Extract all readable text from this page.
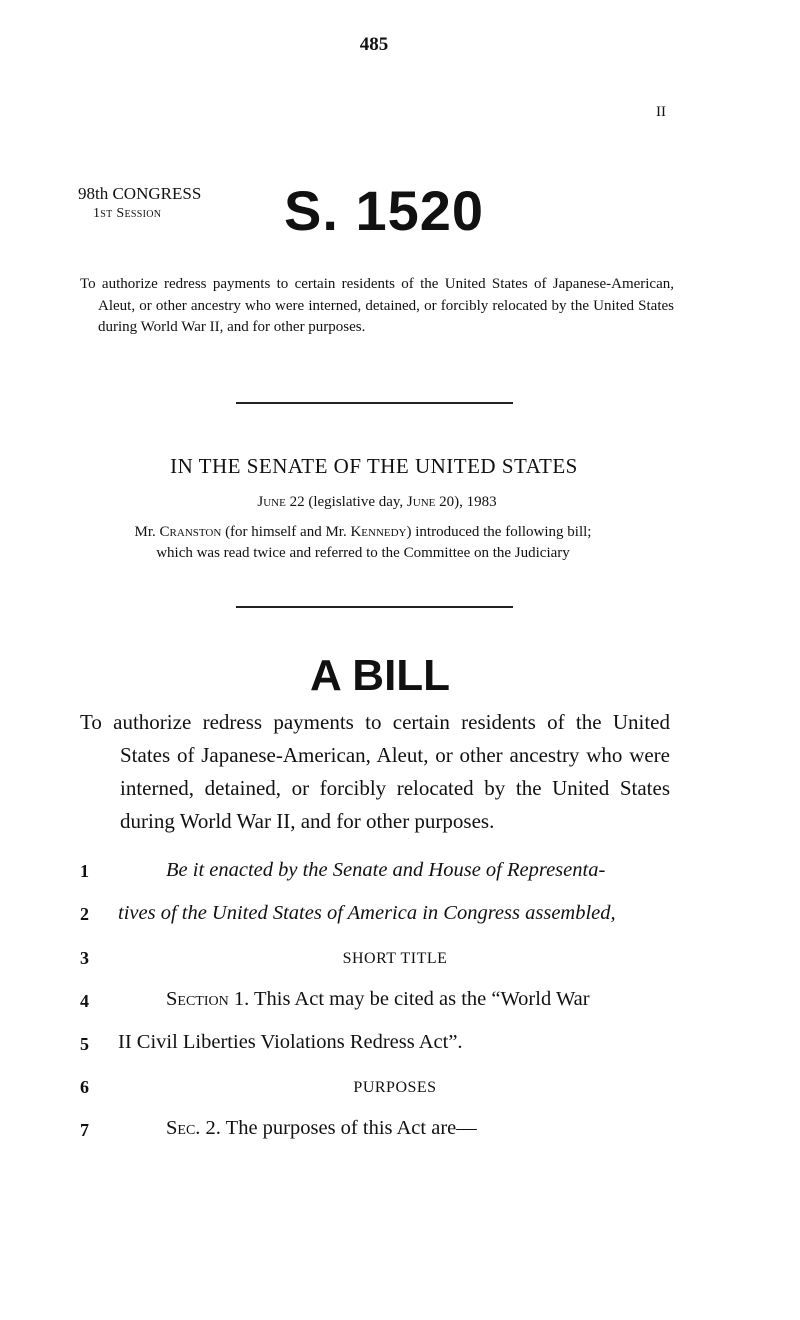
485
II
98th CONGRESS
1st Session	S. 1520
To authorize redress payments to certain residents of the United States of Japanese-American, Aleut, or other ancestry who were interned, detained, or forcibly relocated by the United States during World War II, and for other purposes.
IN THE SENATE OF THE UNITED STATES
June 22 (legislative day, June 20), 1983
Mr. Cranston (for himself and Mr. Kennedy) introduced the following bill;
which was read twice and referred to the Committee on the Judiciary
A BILL
To authorize redress payments to certain residents of the United States of Japanese-American, Aleut, or other ancestry who were interned, detained, or forcibly relocated by the United States during World War II, and for other purposes.
1	Be it enacted by the Senate and House of Representa-
2	tives of the United States of America in Congress assembled,
3	SHORT TITLE
4	Section 1. This Act may be cited as the “World War
5	II Civil Liberties Violations Redress Act”.
6	PURPOSES
7	Sec. 2. The purposes of this Act are—
